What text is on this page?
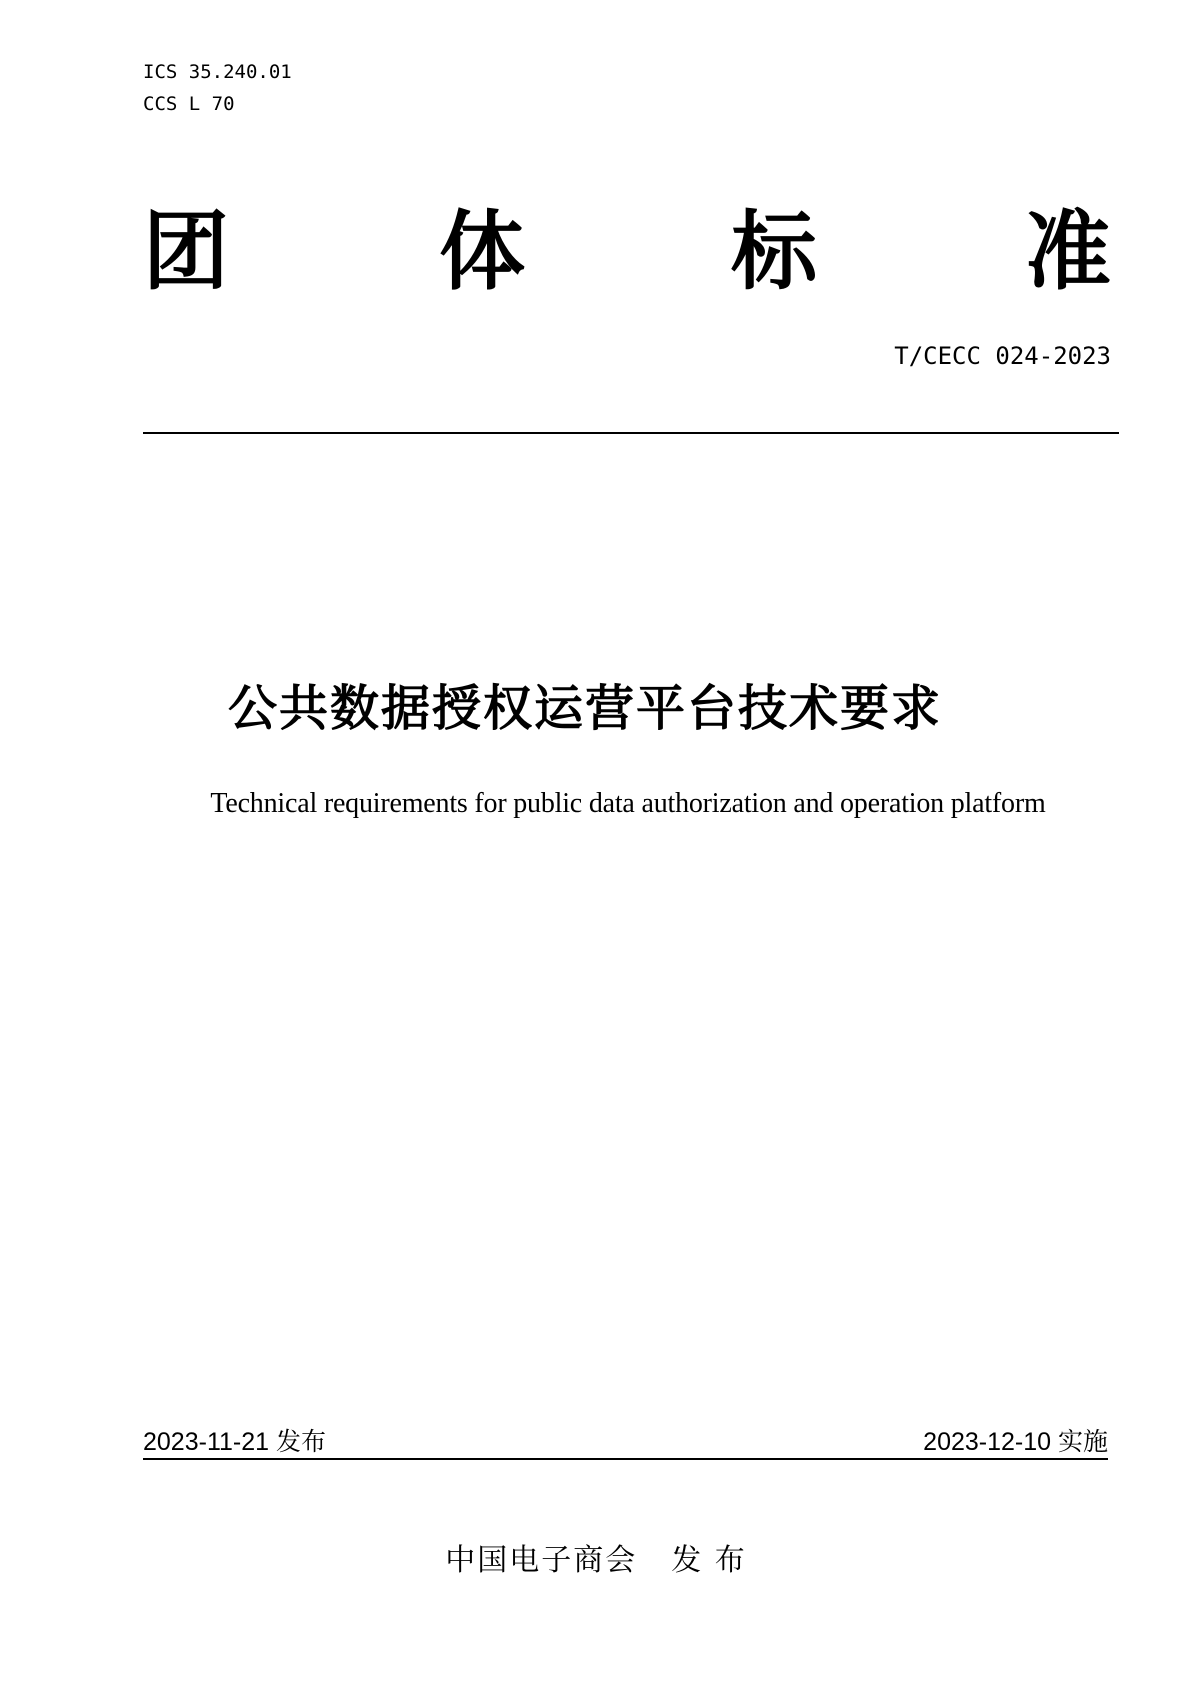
ICS 35.240.01
CCS L 70
团 体 标 准
T/CECC 024-2023
公共数据授权运营平台技术要求
Technical requirements for public data authorization and operation platform
2023-11-21 发布	2023-12-10 实施
中国电子商会 发 布
